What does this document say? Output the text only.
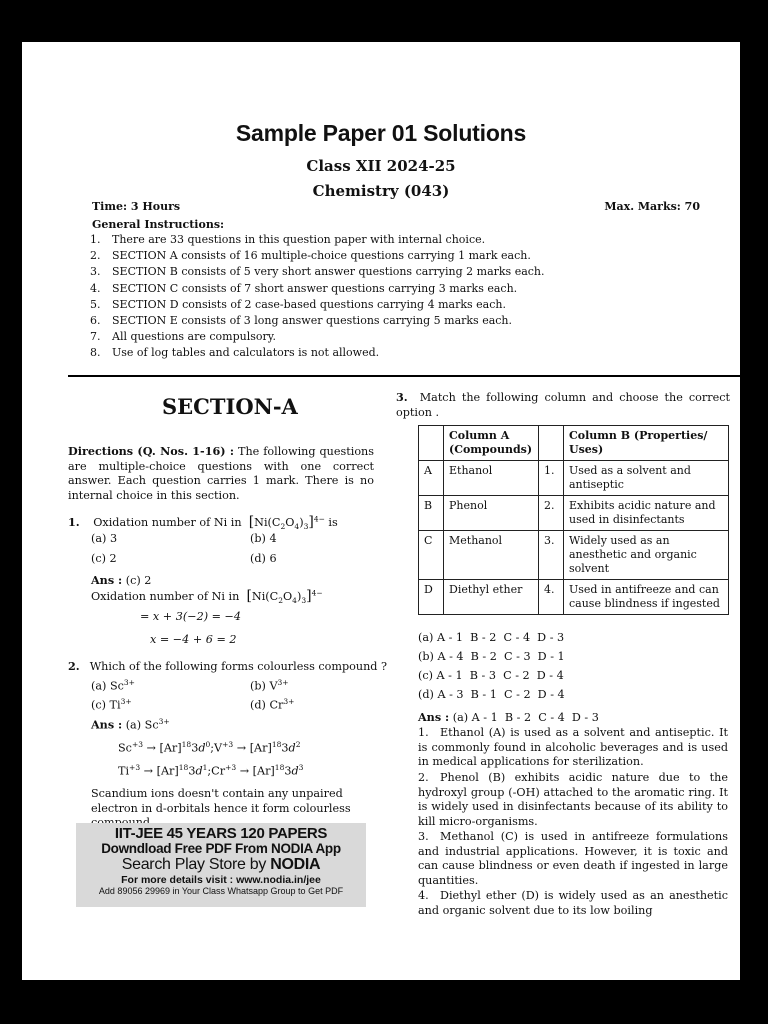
Sample Paper 01 Solutions
Class XII 2024-25
Chemistry (043)
Time: 3 Hours	Max. Marks: 70
General Instructions:
1. There are 33 questions in this question paper with internal choice.
2. SECTION A consists of 16 multiple-choice questions carrying 1 mark each.
3. SECTION B consists of 5 very short answer questions carrying 2 marks each.
4. SECTION C consists of 7 short answer questions carrying 3 marks each.
5. SECTION D consists of 2 case-based questions carrying 4 marks each.
6. SECTION E consists of 3 long answer questions carrying 5 marks each.
7. All questions are compulsory.
8. Use of log tables and calculators is not allowed.
SECTION-A
Directions (Q. Nos. 1-16) : The following questions are multiple-choice questions with one correct answer. Each question carries 1 mark. There is no internal choice in this section.
1. Oxidation number of Ni in $[Ni(C_2O_4)_3]^{4-}$ is
(a) 3	(b) 4
(c) 2	(d) 6
Ans : (c) 2
Oxidation number of Ni in $[Ni(C_2O_4)_3]^{4-}$
= x + 3(−2) = −4
x = −4 + 6 = 2
2. Which of the following forms colourless compound ?
(a) $Sc^{3+}$	(b) $V^{3+}$
(c) $Ti^{3+}$	(d) $Cr^{3+}$
Ans : (a) $Sc^{3+}$
$Sc^{+3}$ → $[Ar]^{18}3d^0;V^{+3} \to [Ar]^{18}3d^2$
$Ti^{+3}$ → $[Ar]^{18}3d^1;Cr^{+3} \to [Ar]^{18}3d^3$
Scandium ions doesn't contain any unpaired electron in d-orbitals hence it form colourless
IIT-JEE 45 YEARS 120 PAPERS
Downdload Free PDF From NODIA App
Search Play Store by NODIA
For more details visit : www.nodia.in/jee
Add 89056 29969 in Your Class Whatsapp Group to Get PDF
3. Match the following column and choose the correct option .
	Column A (Compounds)		Column B (Properties/ Uses)
A	Ethanol	1.	Used as a solvent and antiseptic
B	Phenol	2.	Exhibits acidic nature and used in disinfectants
C	Methanol	3.	Widely used as an anesthetic and organic solvent
D	Diethyl ether	4.	Used in antifreeze and can cause blindness if ingested
(a) A - 1  B - 2  C - 4  D - 3
(b) A - 4  B - 2  C - 3  D - 1
(c) A - 1  B - 3  C - 2  D - 4
(d) A - 3  B - 1  C - 2  D - 4
Ans : (a) A - 1  B - 2  C - 4  D - 3
1. Ethanol (A) is used as a solvent and antiseptic. It is commonly found in alcoholic beverages and is used in medical applications for sterilization.
2. Phenol (B) exhibits acidic nature due to the hydroxyl group (-OH) attached to the aromatic ring. It is widely used in disinfectants because of its ability to kill micro-organisms.
3. Methanol (C) is used in antifreeze formulations and industrial applications. However, it is toxic and can cause blindness or even death if ingested in large quantities.
4. Diethyl ether (D) is widely used as an anesthetic and organic solvent due to its low boiling
